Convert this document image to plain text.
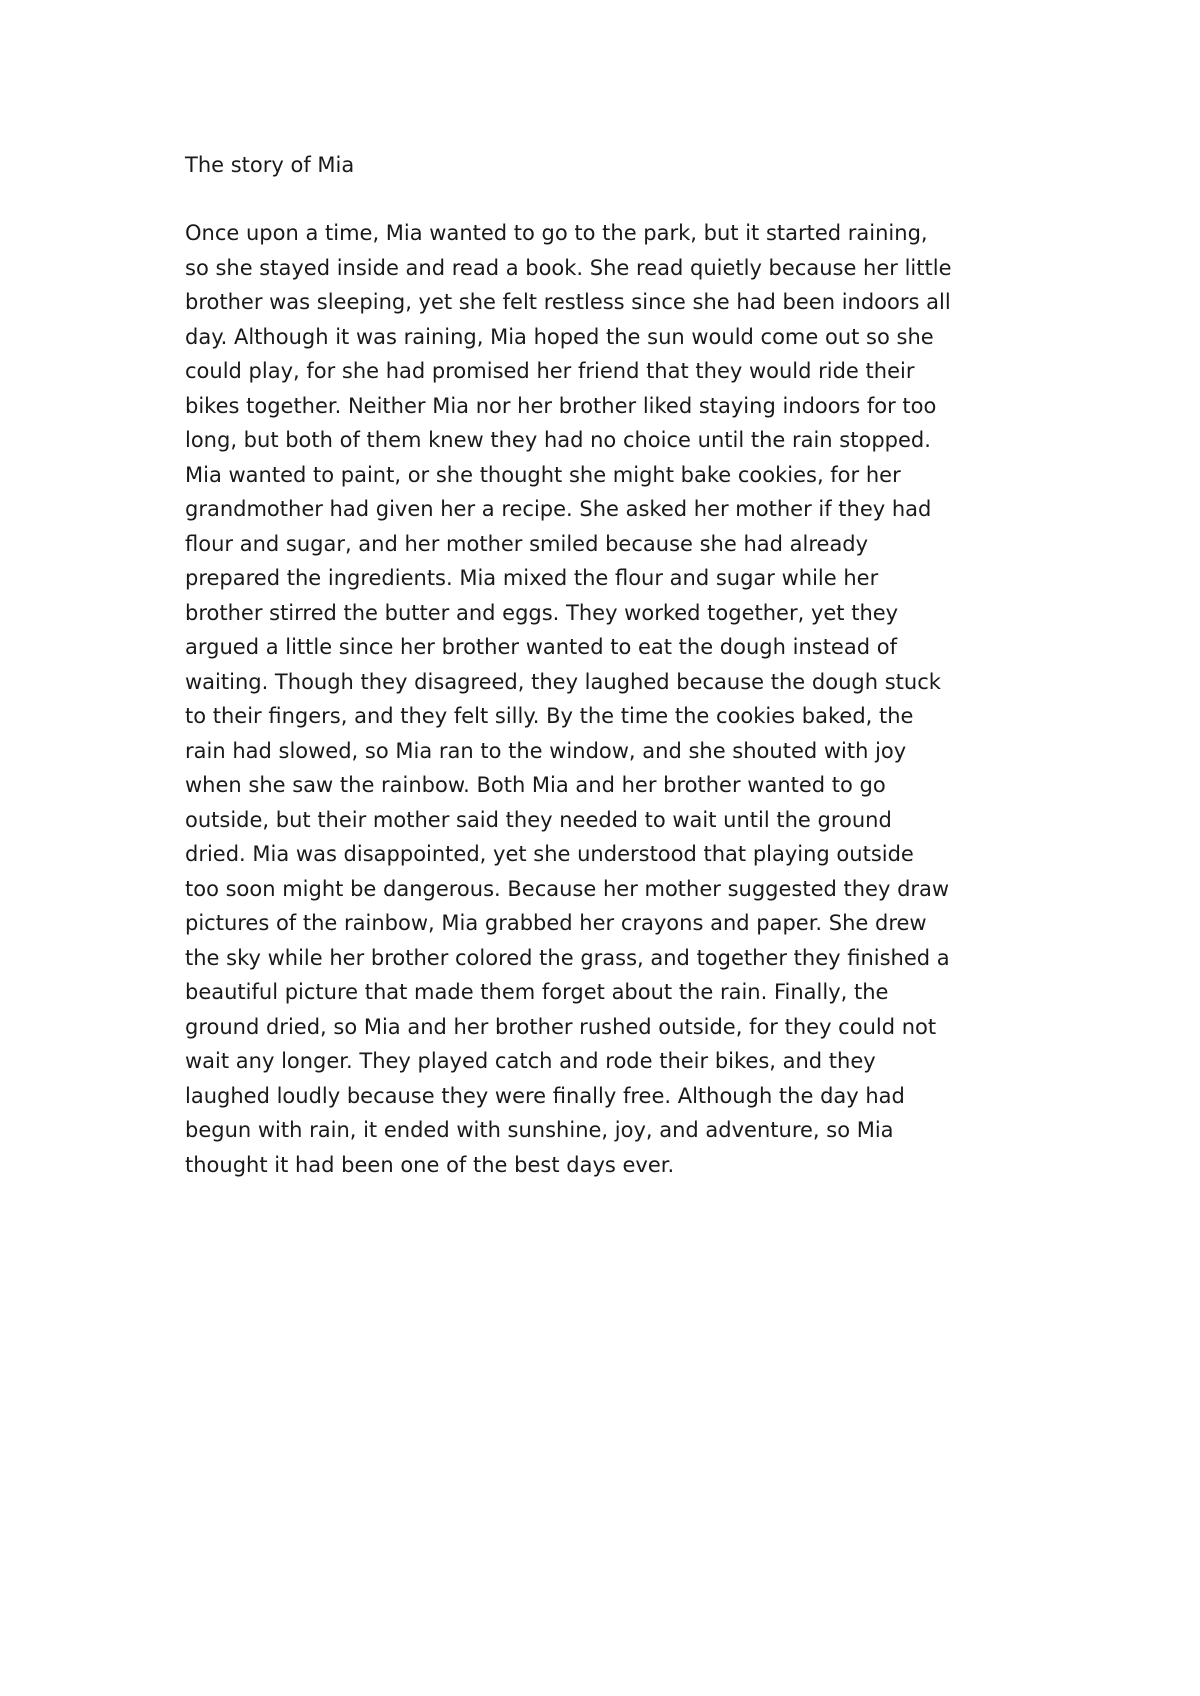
The story of Mia
Once upon a time, Mia wanted to go to the park, but it started raining,
so she stayed inside and read a book. She read quietly because her little
brother was sleeping, yet she felt restless since she had been indoors all
day. Although it was raining, Mia hoped the sun would come out so she
could play, for she had promised her friend that they would ride their
bikes together. Neither Mia nor her brother liked staying indoors for too
long, but both of them knew they had no choice until the rain stopped.
Mia wanted to paint, or she thought she might bake cookies, for her
grandmother had given her a recipe. She asked her mother if they had
flour and sugar, and her mother smiled because she had already
prepared the ingredients. Mia mixed the flour and sugar while her
brother stirred the butter and eggs. They worked together, yet they
argued a little since her brother wanted to eat the dough instead of
waiting. Though they disagreed, they laughed because the dough stuck
to their fingers, and they felt silly. By the time the cookies baked, the
rain had slowed, so Mia ran to the window, and she shouted with joy
when she saw the rainbow. Both Mia and her brother wanted to go
outside, but their mother said they needed to wait until the ground
dried. Mia was disappointed, yet she understood that playing outside
too soon might be dangerous. Because her mother suggested they draw
pictures of the rainbow, Mia grabbed her crayons and paper. She drew
the sky while her brother colored the grass, and together they finished a
beautiful picture that made them forget about the rain. Finally, the
ground dried, so Mia and her brother rushed outside, for they could not
wait any longer. They played catch and rode their bikes, and they
laughed loudly because they were finally free. Although the day had
begun with rain, it ended with sunshine, joy, and adventure, so Mia
thought it had been one of the best days ever.
